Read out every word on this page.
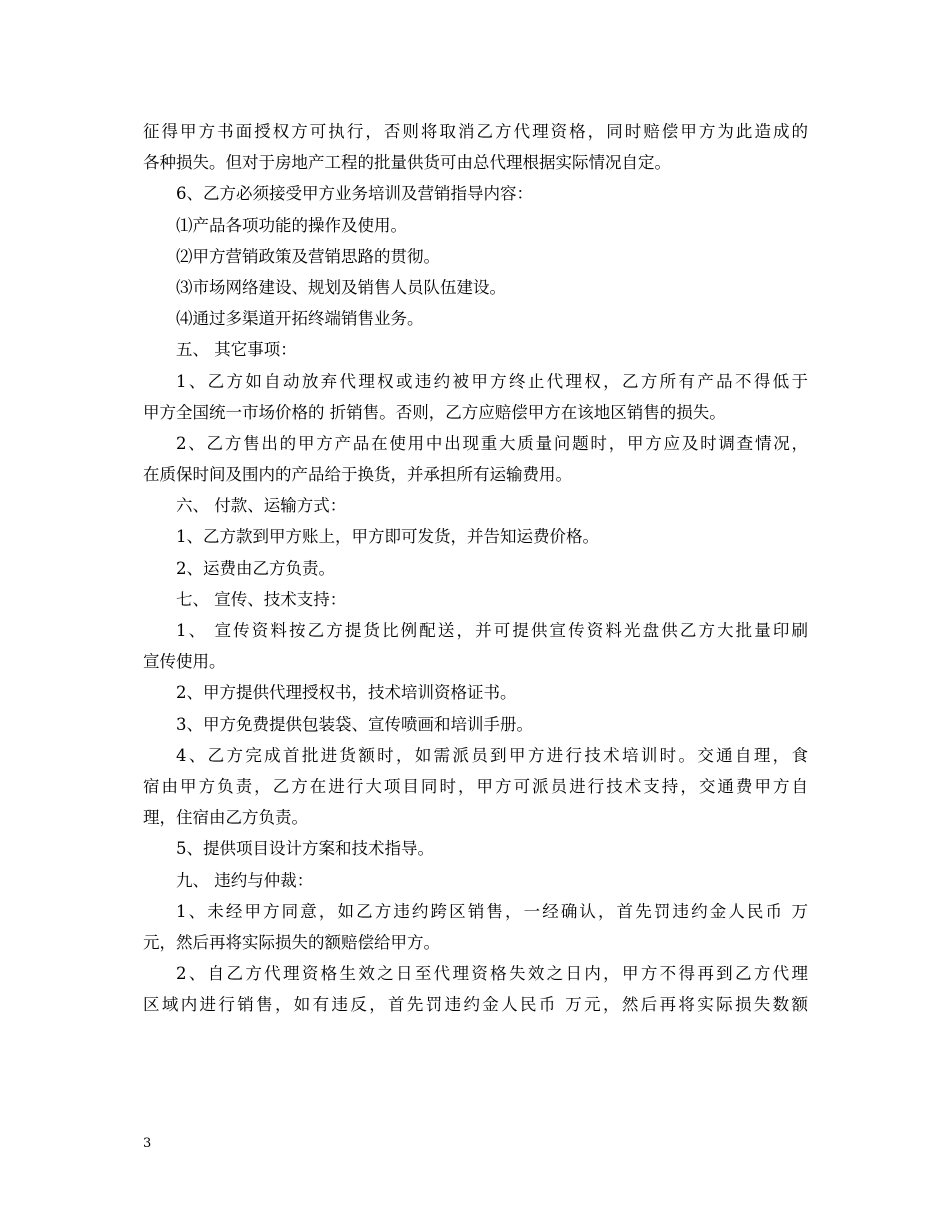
征得甲方书面授权方可执行，否则将取消乙方代理资格，同时赔偿甲方为此造成的
各种损失。但对于房地产工程的批量供货可由总代理根据实际情况自定。
6、乙方必须接受甲方业务培训及营销指导内容：
⑴产品各项功能的操作及使用。
⑵甲方营销政策及营销思路的贯彻。
⑶市场网络建设、规划及销售人员队伍建设。
⑷通过多渠道开拓终端销售业务。
五、 其它事项：
1、乙方如自动放弃代理权或违约被甲方终止代理权，乙方所有产品不得低于
甲方全国统一市场价格的 折销售。否则，乙方应赔偿甲方在该地区销售的损失。
2、乙方售出的甲方产品在使用中出现重大质量问题时，甲方应及时调查情况，
在质保时间及围内的产品给于换货，并承担所有运输费用。
六、 付款、运输方式：
1、乙方款到甲方账上，甲方即可发货，并告知运费价格。
2、运费由乙方负责。
七、 宣传、技术支持：
1、 宣传资料按乙方提货比例配送，并可提供宣传资料光盘供乙方大批量印刷
宣传使用。
2、甲方提供代理授权书，技术培训资格证书。
3、甲方免费提供包装袋、宣传喷画和培训手册。
4、乙方完成首批进货额时，如需派员到甲方进行技术培训时。交通自理，食
宿由甲方负责，乙方在进行大项目同时，甲方可派员进行技术支持，交通费甲方自
理，住宿由乙方负责。
5、提供项目设计方案和技术指导。
九、 违约与仲裁：
1、未经甲方同意，如乙方违约跨区销售，一经确认，首先罚违约金人民币 万
元，然后再将实际损失的额赔偿给甲方。
2、自乙方代理资格生效之日至代理资格失效之日内，甲方不得再到乙方代理
区域内进行销售，如有违反，首先罚违约金人民币 万元，然后再将实际损失数额
3
